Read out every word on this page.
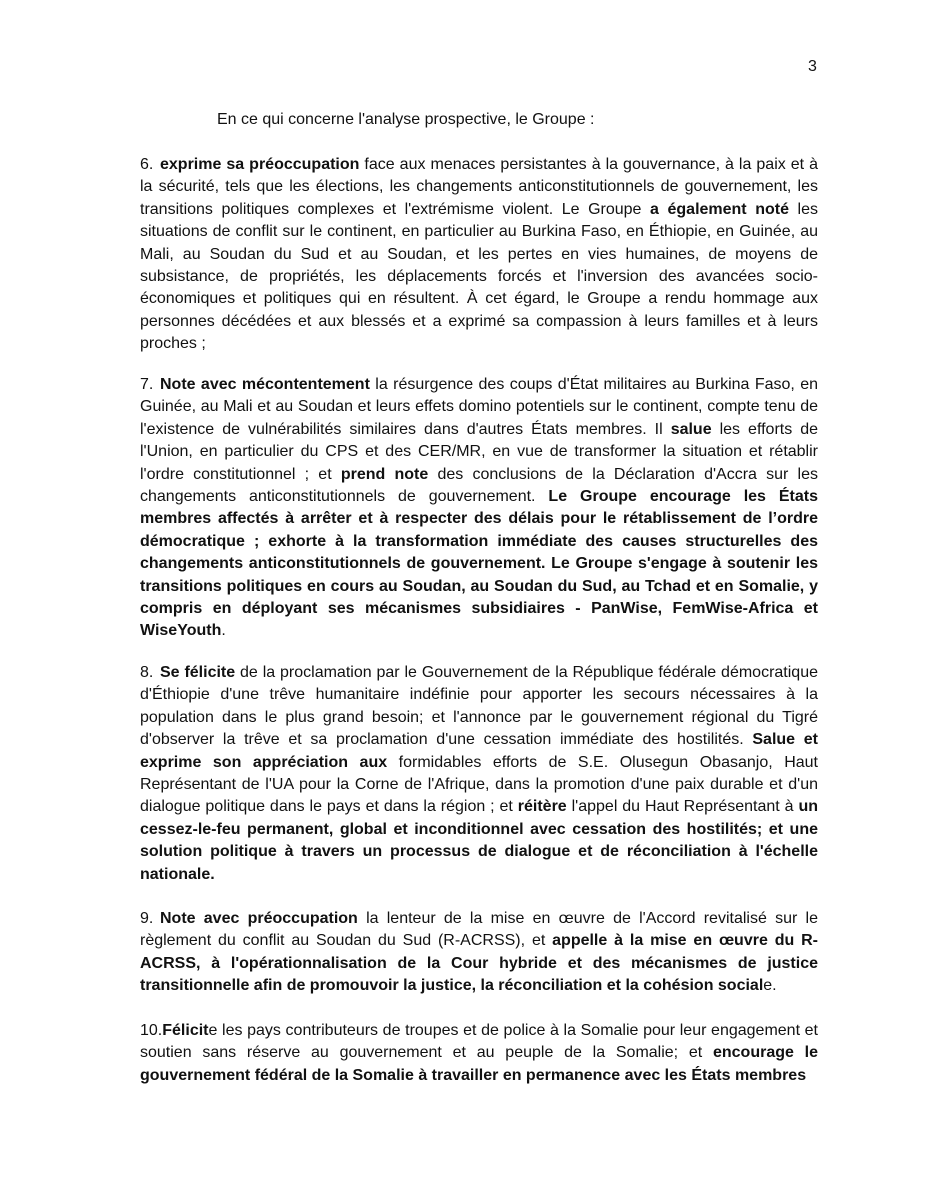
3
En ce qui concerne l'analyse prospective, le Groupe :
6.exprime sa préoccupation face aux menaces persistantes à la gouvernance, à la paix et à la sécurité, tels que les élections, les changements anticonstitutionnels de gouvernement, les transitions politiques complexes et l'extrémisme violent. Le Groupe a également noté les situations de conflit sur le continent, en particulier au Burkina Faso, en Éthiopie, en Guinée, au Mali, au Soudan du Sud et au Soudan, et les pertes en vies humaines, de moyens de subsistance, de propriétés, les déplacements forcés et l'inversion des avancées socio-économiques et politiques qui en résultent. À cet égard, le Groupe a rendu hommage aux personnes décédées et aux blessés et a exprimé sa compassion à leurs familles et à leurs proches ;
7.Note avec mécontentement la résurgence des coups d'État militaires au Burkina Faso, en Guinée, au Mali et au Soudan et leurs effets domino potentiels sur le continent, compte tenu de l'existence de vulnérabilités similaires dans d'autres États membres. Il salue les efforts de l'Union, en particulier du CPS et des CER/MR, en vue de transformer la situation et rétablir l'ordre constitutionnel ; et prend note des conclusions de la Déclaration d'Accra sur les changements anticonstitutionnels de gouvernement. Le Groupe encourage les États membres affectés à arrêter et à respecter des délais pour le rétablissement de l’ordre démocratique ; exhorte à la transformation immédiate des causes structurelles des changements anticonstitutionnels de gouvernement. Le Groupe s'engage à soutenir les transitions politiques en cours au Soudan, au Soudan du Sud, au Tchad et en Somalie, y compris en déployant ses mécanismes subsidiaires - PanWise, FemWise-Africa et WiseYouth.
8.Se félicite de la proclamation par le Gouvernement de la République fédérale démocratique d'Éthiopie d'une trêve humanitaire indéfinie pour apporter les secours nécessaires à la population dans le plus grand besoin; et l'annonce par le gouvernement régional du Tigré d'observer la trêve et sa proclamation d'une cessation immédiate des hostilités. Salue et exprime son appréciation aux formidables efforts de S.E. Olusegun Obasanjo, Haut Représentant de l'UA pour la Corne de l'Afrique, dans la promotion d'une paix durable et d'un dialogue politique dans le pays et dans la région ; et réitère l'appel du Haut Représentant à un cessez-le-feu permanent, global et inconditionnel avec cessation des hostilités; et une solution politique à travers un processus de dialogue et de réconciliation à l'échelle nationale.
9.Note avec préoccupation la lenteur de la mise en œuvre de l'Accord revitalisé sur le règlement du conflit au Soudan du Sud (R-ACRSS), et appelle à la mise en œuvre du R-ACRSS, à l'opérationnalisation de la Cour hybride et des mécanismes de justice transitionnelle afin de promouvoir la justice, la réconciliation et la cohésion sociale.
10.Félicite les pays contributeurs de troupes et de police à la Somalie pour leur engagement et soutien sans réserve au gouvernement et au peuple de la Somalie; et encourage le gouvernement fédéral de la Somalie à travailler en permanence avec les États membres
